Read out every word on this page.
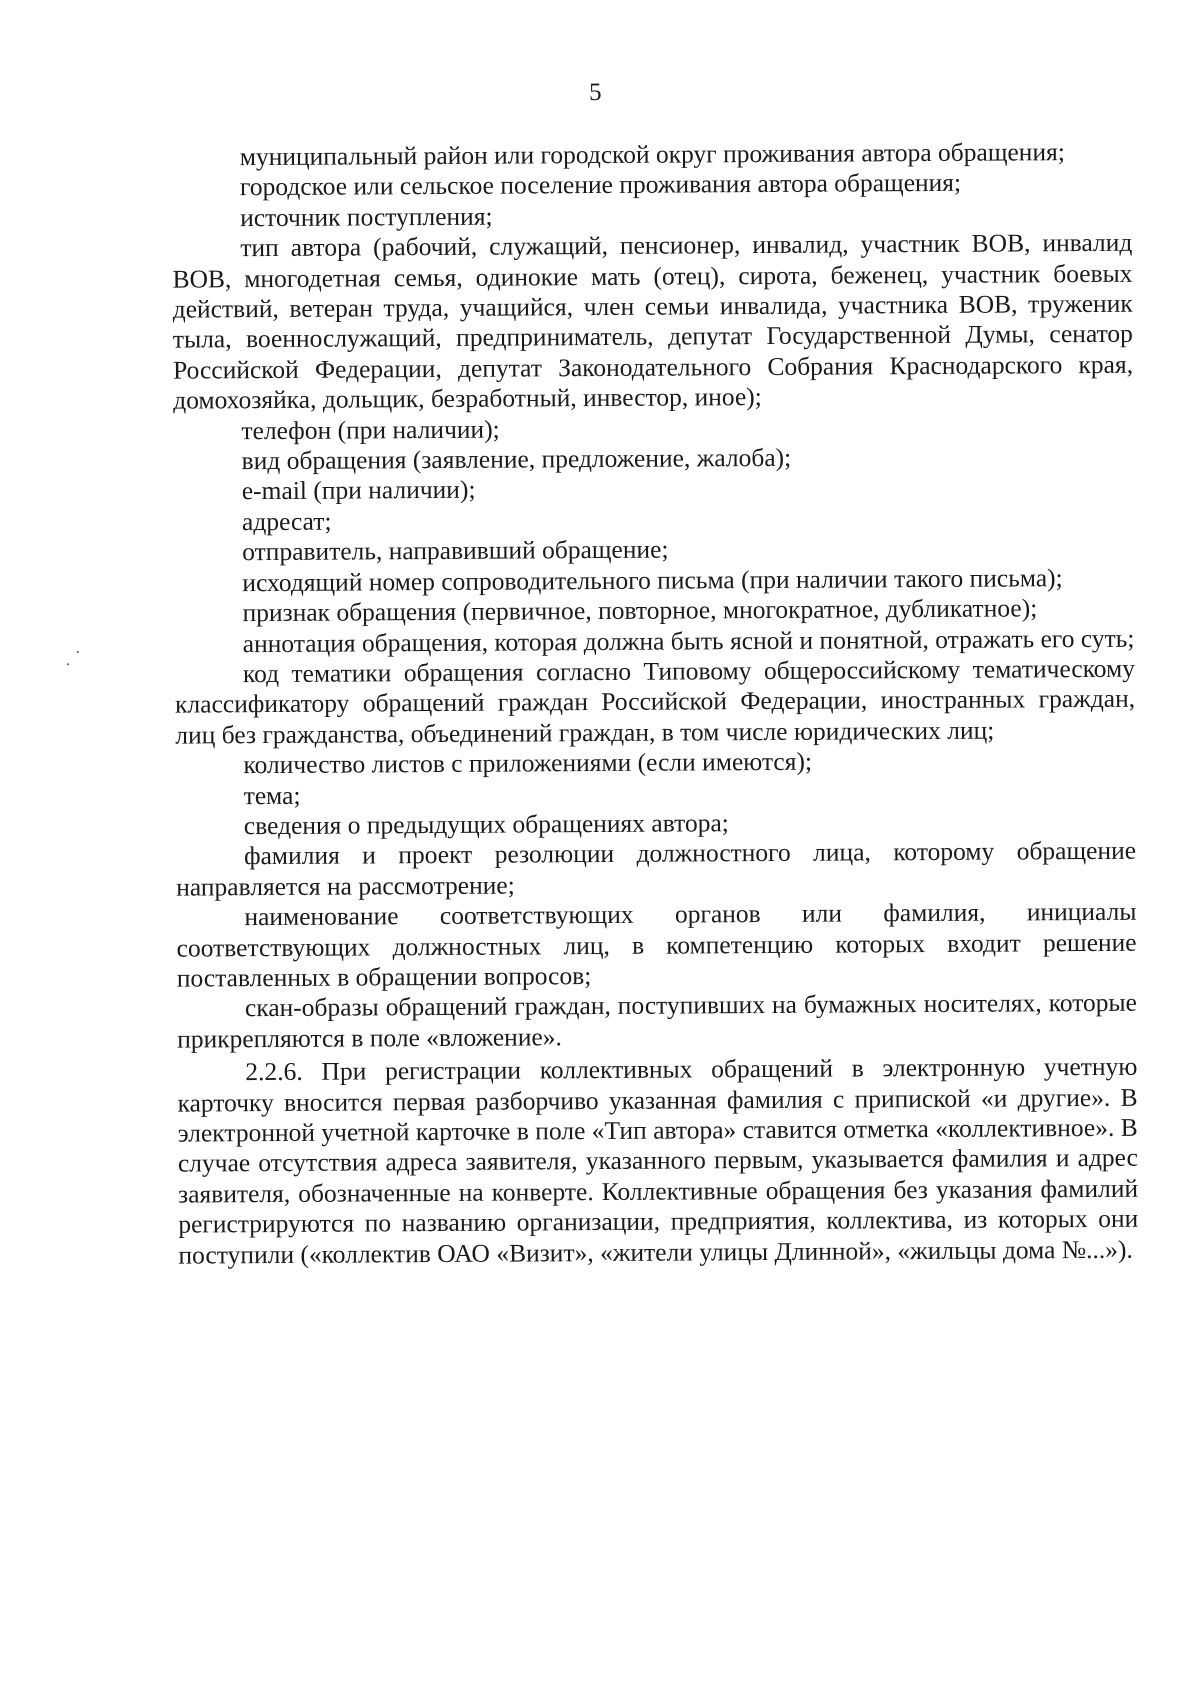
5

муниципальный район или городской округ проживания автора обращения;

городское или сельское поселение проживания автора обращения;

источник поступления;

тип автора (рабочий, служащий, пенсионер, инвалид, участник ВОВ, инвалид ВОВ, многодетная семья, одинокие мать (отец), сирота, беженец, участник боевых действий, ветеран труда, учащийся, член семьи инвалида, участника ВОВ, труженик тыла, военнослужащий, предприниматель, депутат Государственной Думы, сенатор Российской Федерации, депутат Законодательного Собрания Краснодарского края, домохозяйка, дольщик, безработный, инвестор, иное);

телефон (при наличии);

вид обращения (заявление, предложение, жалоба);

e-mail (при наличии);

адресат;

отправитель, направивший обращение;

исходящий номер сопроводительного письма (при наличии такого письма);

признак обращения (первичное, повторное, многократное, дубликатное);

аннотация обращения, которая должна быть ясной и понятной, отражать его суть;

код тематики обращения согласно Типовому общероссийскому тематическому классификатору обращений граждан Российской Федерации, иностранных граждан, лиц без гражданства, объединений граждан, в том числе юридических лиц;

количество листов с приложениями (если имеются);

тема;

сведения о предыдущих обращениях автора;

фамилия и проект резолюции должностного лица, которому обращение направляется на рассмотрение;

наименование соответствующих органов или фамилия, инициалы соответствующих должностных лиц, в компетенцию которых входит решение поставленных в обращении вопросов;

скан-образы обращений граждан, поступивших на бумажных носителях, которые прикрепляются в поле «вложение».

2.2.6. При регистрации коллективных обращений в электронную учетную карточку вносится первая разборчиво указанная фамилия с припиской «и другие». В электронной учетной карточке в поле «Тип автора» ставится отметка «коллективное». В случае отсутствия адреса заявителя, указанного первым, указывается фамилия и адрес заявителя, обозначенные на конверте. Коллективные обращения без указания фамилий регистрируются по названию организации, предприятия, коллектива, из которых они поступили («коллектив ОАО «Визит», «жители улицы Длинной», «жильцы дома №...»).
